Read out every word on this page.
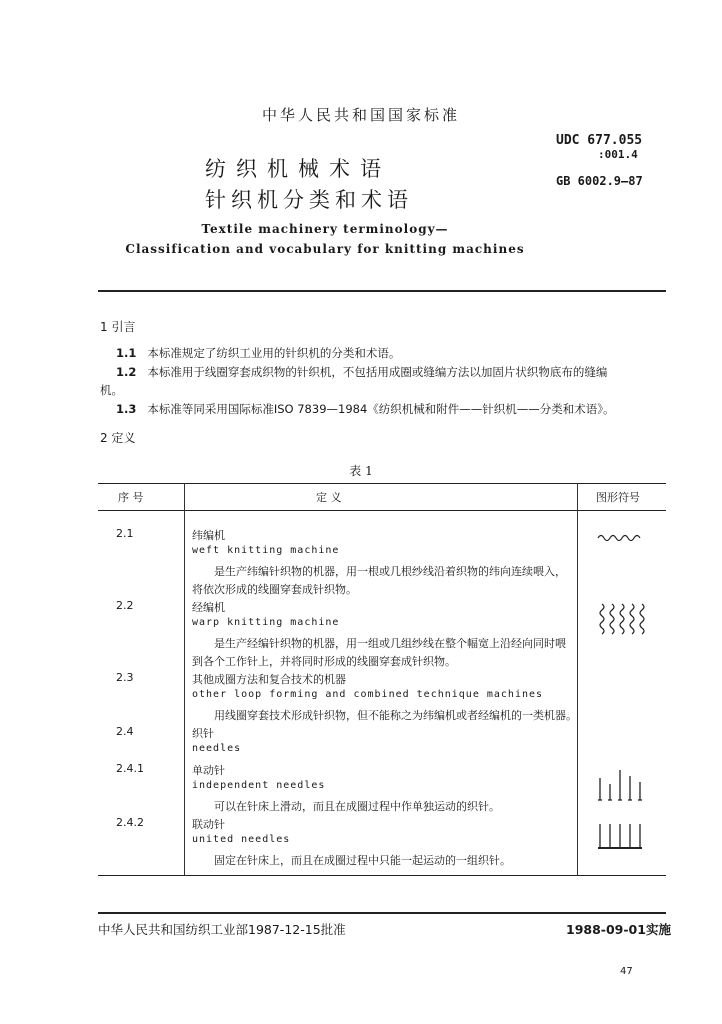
中华人民共和国国家标准
UDC 677.055
:001.4
纺织机械术语	GB 6002.9—87
针织机分类和术语
Textile machinery terminology—
Classification and vocabulary for knitting machines
1 引言
1.1 本标准规定了纺织工业用的针织机的分类和术语。
1.2 本标准用于线圈穿套成织物的针织机，不包括用成圈或缝编方法以加固片状织物底布的缝编
机。
1.3 本标准等同采用国际标准ISO 7839—1984《纺织机械和附件——针织机——分类和术语》。
2 定义
表 1
序 号	定 义	图形符号
2.1	纬编机
weft knitting machine
是生产纬编针织物的机器，用一根或几根纱线沿着织物的纬向连续喂入，
将依次形成的线圈穿套成针织物。
2.2	经编机
warp knitting machine
是生产经编针织物的机器，用一组或几组纱线在整个幅宽上沿经向同时喂
到各个工作针上，并将同时形成的线圈穿套成针织物。
2.3	其他成圈方法和复合技术的机器
other loop forming and combined technique machines
用线圈穿套技术形成针织物，但不能称之为纬编机或者经编机的一类机器。
2.4	织针
needles
2.4.1	单动针
independent needles
可以在针床上滑动，而且在成圈过程中作单独运动的织针。
2.4.2	联动针
united needles
固定在针床上，而且在成圈过程中只能一起运动的一组织针。
中华人民共和国纺织工业部1987-12-15批准	1988-09-01实施
47
